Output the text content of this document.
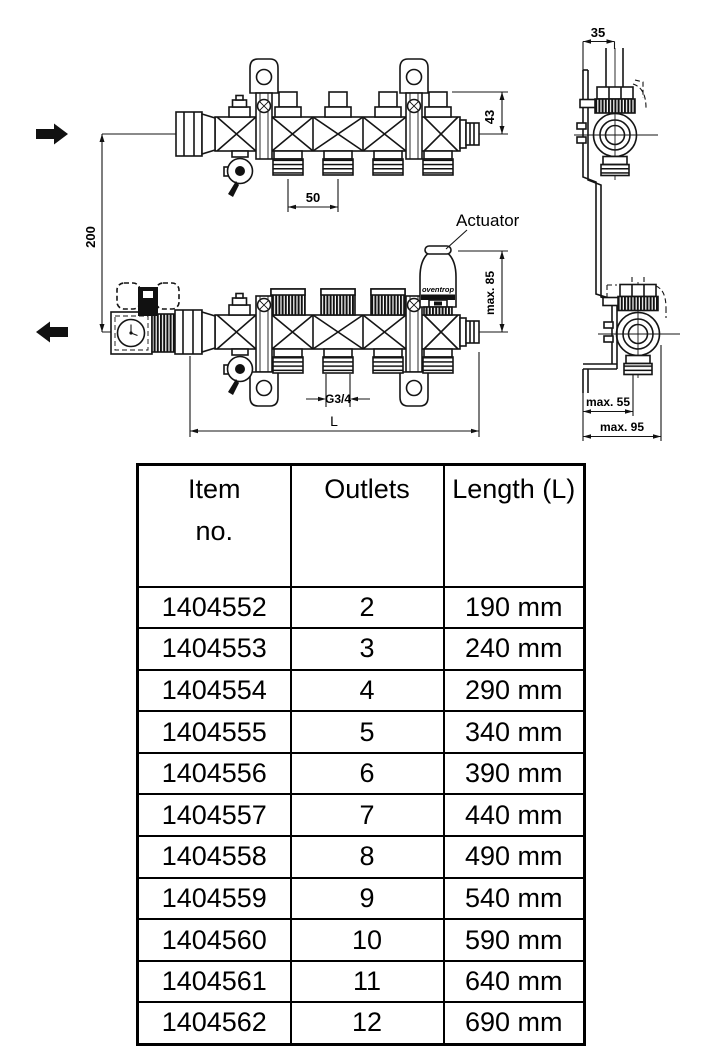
oventrop
200
50
43
Actuator
max. 85
G3/4
L
35
max. 55
max. 95
Item
no.	Outlets	Length (L)
1404552	2	190 mm
1404553	3	240 mm
1404554	4	290 mm
1404555	5	340 mm
1404556	6	390 mm
1404557	7	440 mm
1404558	8	490 mm
1404559	9	540 mm
1404560	10	590 mm
1404561	11	640 mm
1404562	12	690 mm
